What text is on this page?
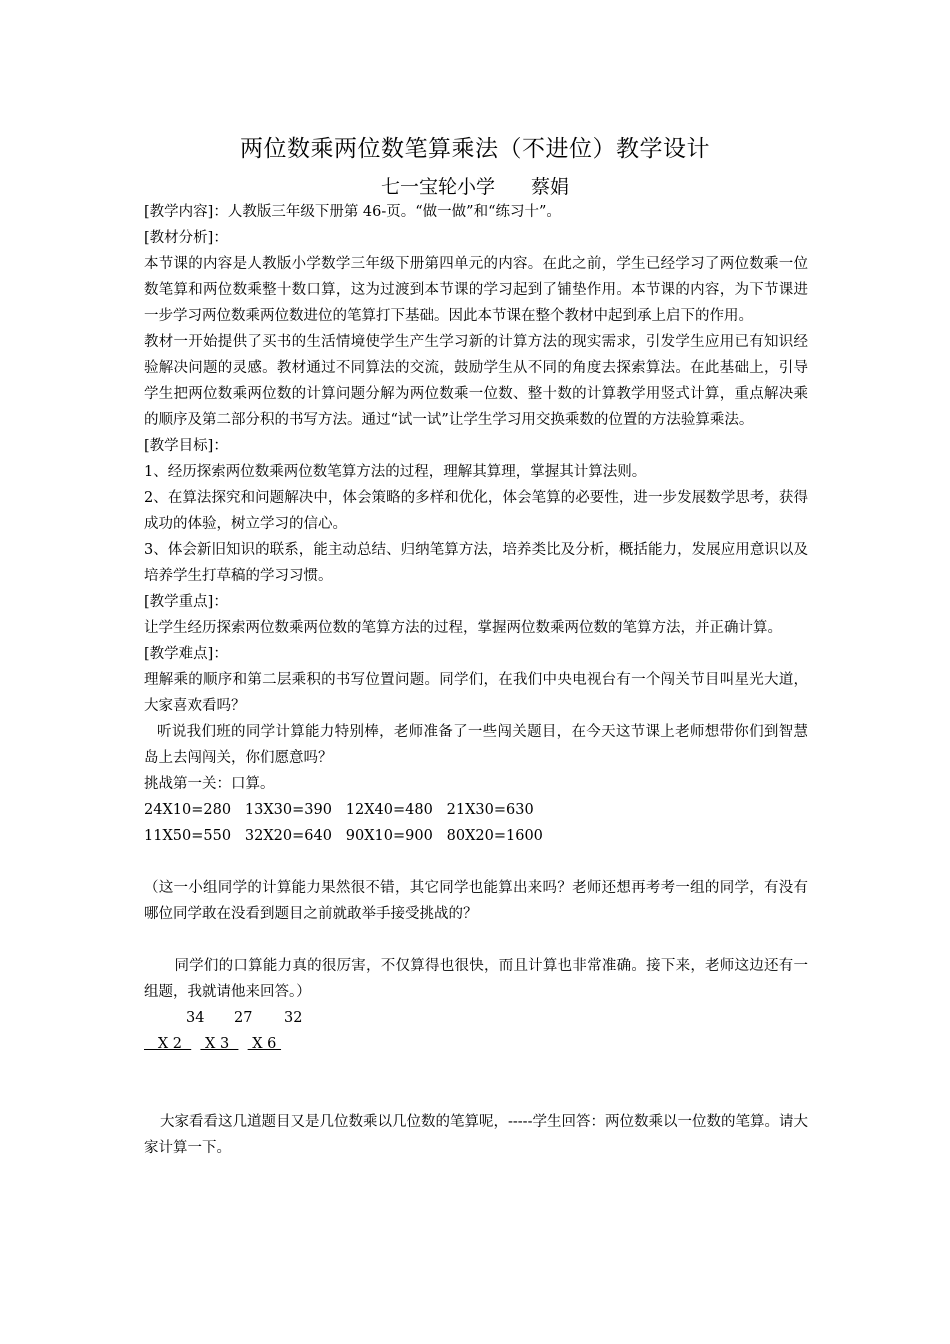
两位数乘两位数笔算乘法（不进位）教学设计
七一宝轮小学 蔡娟

[教学内容]：人教版三年级下册第 46-页。“做一做”和“练习十”。

[教材分析]：

本节课的内容是人教版小学数学三年级下册第四单元的内容。在此之前，学生已经学习了两位数乘一位数笔算和两位数乘整十数口算，这为过渡到本节课的学习起到了铺垫作用。本节课的内容，为下节课进一步学习两位数乘两位数进位的笔算打下基础。因此本节课在整个教材中起到承上启下的作用。

教材一开始提供了买书的生活情境使学生产生学习新的计算方法的现实需求，引发学生应用已有知识经验解决问题的灵感。教材通过不同算法的交流，鼓励学生从不同的角度去探索算法。在此基础上，引导学生把两位数乘两位数的计算问题分解为两位数乘一位数、整十数的计算教学用竖式计算，重点解决乘的顺序及第二部分积的书写方法。通过“试一试”让学生学习用交换乘数的位置的方法验算乘法。

[教学目标]：

1、经历探索两位数乘两位数笔算方法的过程，理解其算理，掌握其计算法则。

2、在算法探究和问题解决中，体会策略的多样和优化，体会笔算的必要性，进一步发展数学思考，获得成功的体验，树立学习的信心。

3、体会新旧知识的联系，能主动总结、归纳笔算方法，培养类比及分析，概括能力，发展应用意识以及培养学生打草稿的学习习惯。

[教学重点]：

让学生经历探索两位数乘两位数的笔算方法的过程，掌握两位数乘两位数的笔算方法，并正确计算。

[教学难点]：

理解乘的顺序和第二层乘积的书写位置问题。同学们，在我们中央电视台有一个闯关节目叫星光大道，大家喜欢看吗？

听说我们班的同学计算能力特别棒，老师准备了一些闯关题目，在今天这节课上老师想带你们到智慧岛上去闯闯关，你们愿意吗？

挑战第一关：口算。

24X10=280   13X30=390   12X40=480   21X30=630

11X50=550   32X20=640   90X10=900   80X20=1600

（这一小组同学的计算能力果然很不错，其它同学也能算出来吗？老师还想再考考一组的同学，有没有哪位同学敢在没看到题目之前就敢举手接受挑战的？

同学们的口算能力真的很厉害，不仅算得也很快，而且计算也非常准确。接下来，老师这边还有一组题，我就请他来回答。）

34 27 32

X 2     X 3     X 6

大家看看这几道题目又是几位数乘以几位数的笔算呢，-----学生回答：两位数乘以一位数的笔算。请大家计算一下。
